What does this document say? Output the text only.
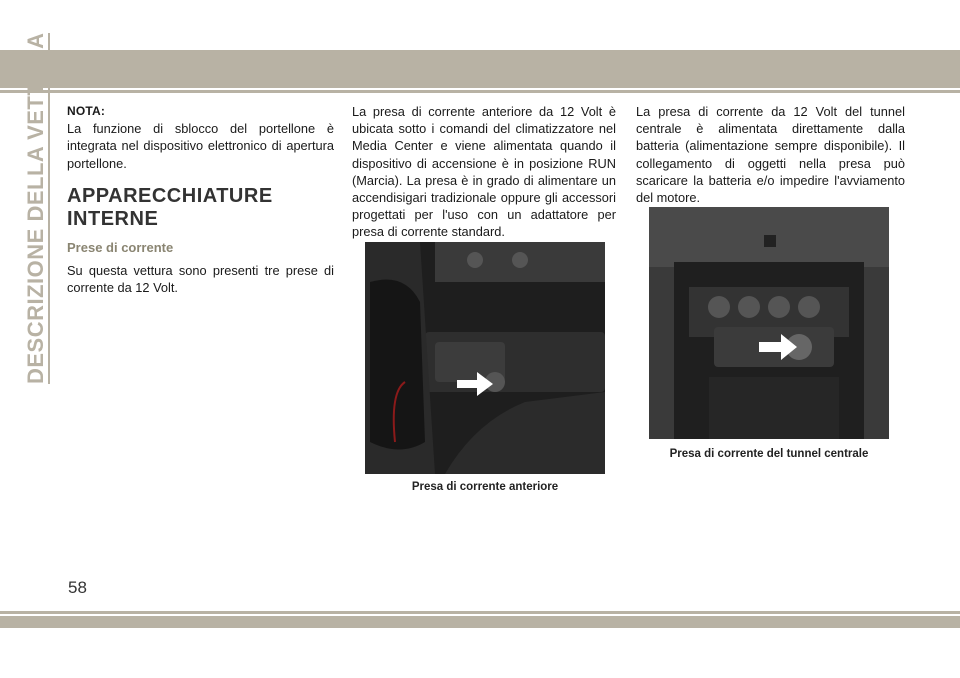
DESCRIZIONE DELLA VETTURA NOTA:

La funzione di sblocco del portellone è integrata nel dispositivo elettronico di apertura portellone.

APPARECCHIATURE
INTERNE
Prese di corrente

Su questa vettura sono presenti tre prese di corrente da 12 Volt.

La presa di corrente anteriore da 12 Volt è ubicata sotto i comandi del climatizzatore nel Media Center e viene alimentata quando il dispositivo di accensione è in posizione RUN (Marcia). La presa è in grado di alimentare un accendisigari tradizionale oppure gli accessori progettati per l'uso con un adattatore per presa di corrente standard.

Presa di corrente anteriore

La presa di corrente da 12 Volt del tunnel centrale è alimentata direttamente dalla batteria (alimentazione sempre disponibile). Il collegamento di oggetti nella presa può scaricare la batteria e/o impedire l'avviamento del motore.

Presa di corrente del tunnel centrale
58
